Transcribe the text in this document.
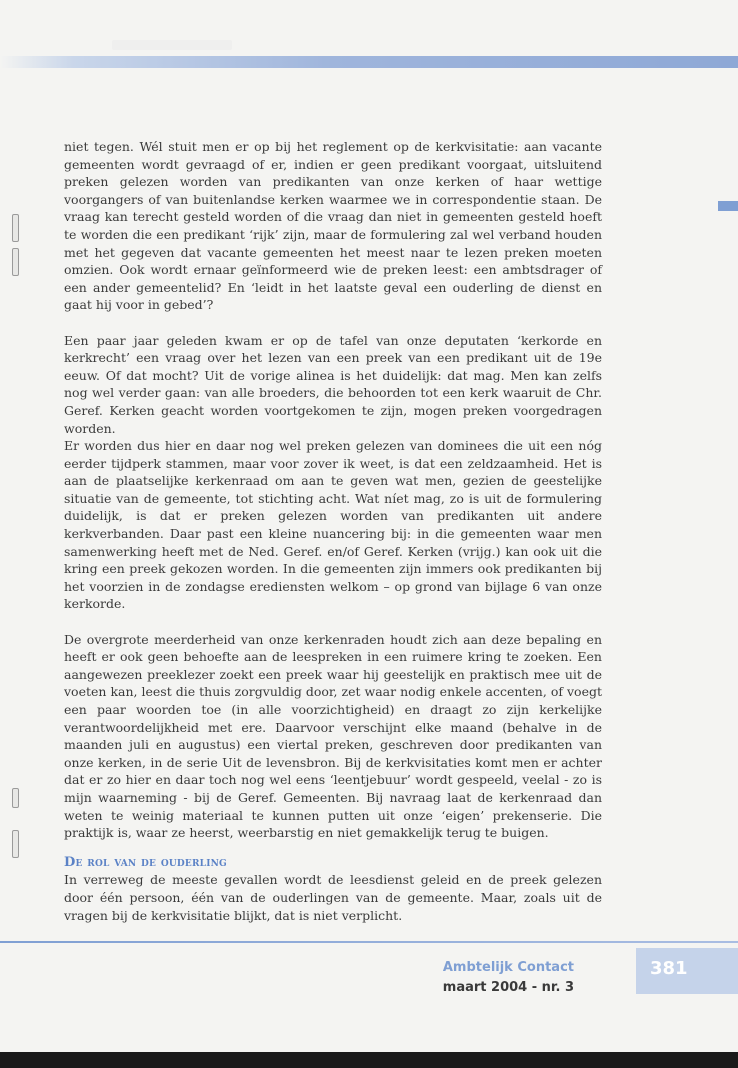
niet tegen. Wél stuit men er op bij het reglement op de kerkvisitatie: aan vacante gemeenten wordt gevraagd of er, indien er geen predikant voorgaat, uitsluitend preken gelezen worden van predikanten van onze kerken of haar wettige voorgangers of van buitenlandse kerken waarmee we in correspondentie staan. De vraag kan terecht gesteld worden of die vraag dan niet in gemeenten gesteld hoeft te worden die een predikant ‘rijk’ zijn, maar de formulering zal wel verband houden met het gegeven dat vacante gemeenten het meest naar te lezen preken moeten omzien. Ook wordt ernaar geïnformeerd wie de preken leest: een ambtsdrager of een ander gemeentelid? En ‘leidt in het laatste geval een ouderling de dienst en gaat hij voor in gebed’?

Een paar jaar geleden kwam er op de tafel van onze deputaten ‘kerkorde en kerkrecht’ een vraag over het lezen van een preek van een predikant uit de 19e eeuw. Of dat mocht? Uit de vorige alinea is het duidelijk: dat mag. Men kan zelfs nog wel verder gaan: van alle broeders, die behoorden tot een kerk waaruit de Chr. Geref. Kerken geacht worden voortgekomen te zijn, mogen preken voorgedragen worden.

Er worden dus hier en daar nog wel preken gelezen van dominees die uit een nóg eerder tijdperk stammen, maar voor zover ik weet, is dat een zeldzaamheid. Het is aan de plaatselijke kerkenraad om aan te geven wat men, gezien de geestelijke situatie van de gemeente, tot stichting acht. Wat níet mag, zo is uit de formulering duidelijk, is dat er preken gelezen worden van predikanten uit andere kerkverbanden. Daar past een kleine nuancering bij: in die gemeenten waar men samenwerking heeft met de Ned. Geref. en/of Geref. Kerken (vrijg.) kan ook uit die kring een preek gekozen worden. In die gemeenten zijn immers ook predikanten bij het voorzien in de zondagse erediensten welkom – op grond van bijlage 6 van onze kerkorde.

De overgrote meerderheid van onze kerkenraden houdt zich aan deze bepaling en heeft er ook geen behoefte aan de leespreken in een ruimere kring te zoeken. Een aangewezen preeklezer zoekt een preek waar hij geestelijk en praktisch mee uit de voeten kan, leest die thuis zorgvuldig door, zet waar nodig enkele accenten, of voegt een paar woorden toe (in alle voorzichtigheid) en draagt zo zijn kerkelijke verantwoordelijkheid met ere. Daarvoor verschijnt elke maand (behalve in de maanden juli en augustus) een viertal preken, geschreven door predikanten van onze kerken, in de serie Uit de levensbron. Bij de kerkvisitaties komt men er achter dat er zo hier en daar toch nog wel eens ‘leentjebuur’ wordt gespeeld, veelal - zo is mijn waarneming - bij de Geref. Gemeenten. Bij navraag laat de kerkenraad dan weten te weinig materiaal te kunnen putten uit onze ‘eigen’ prekenserie. Die praktijk is, waar ze heerst, weerbarstig en niet gemakkelijk terug te buigen.

De rol van de ouderling

In verreweg de meeste gevallen wordt de leesdienst geleid en de preek gelezen door één persoon, één van de ouderlingen van de gemeente. Maar, zoals uit de vragen bij de kerkvisitatie blijkt, dat is niet verplicht.

Ambtelijk Contact
maart 2004 - nr. 3
381
